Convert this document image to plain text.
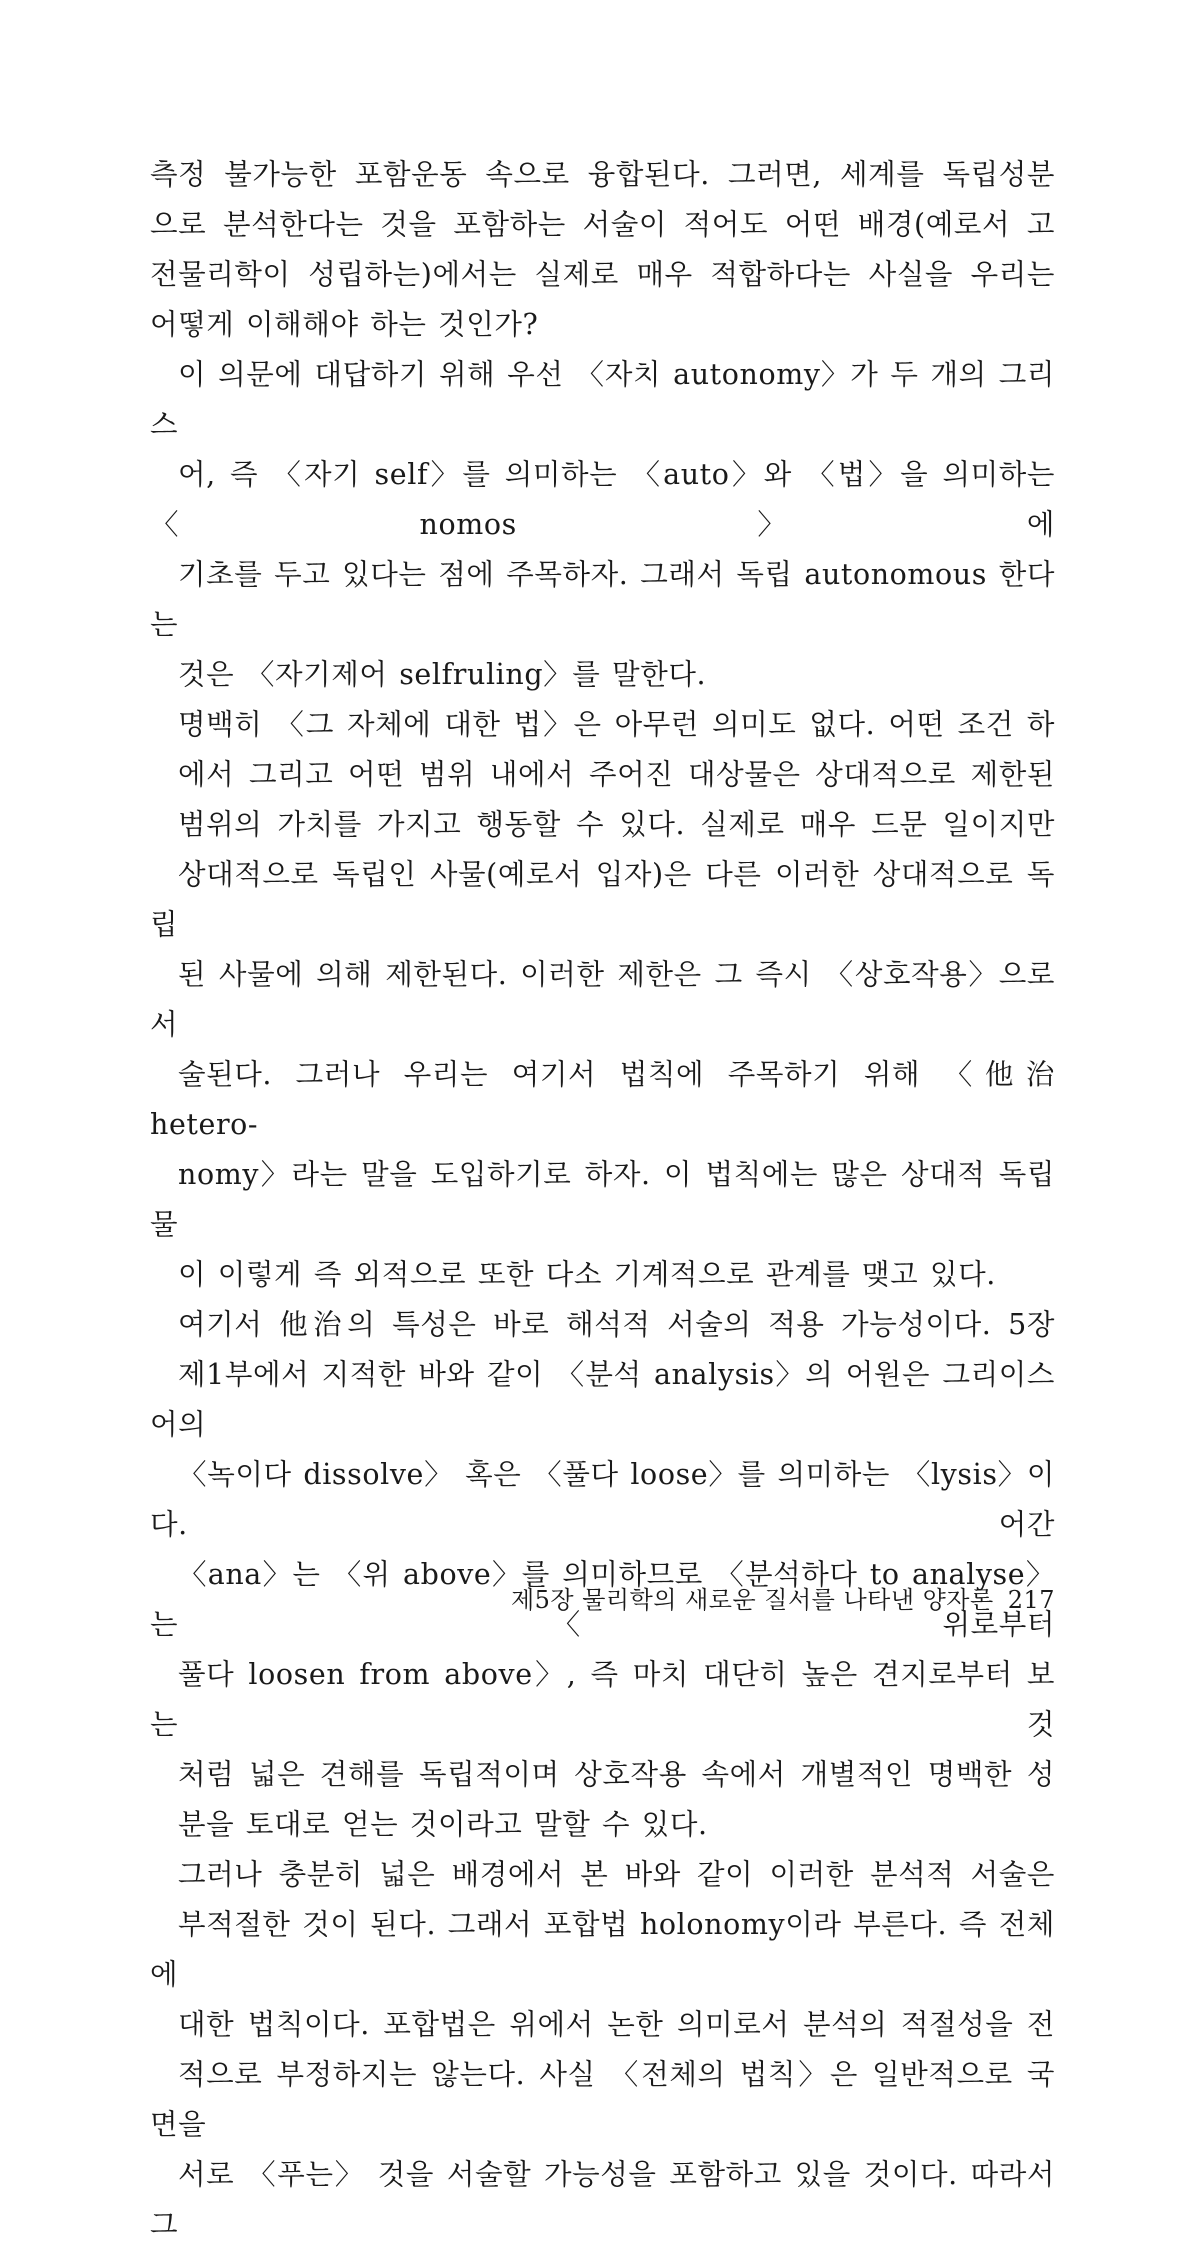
측정 불가능한 포함운동 속으로 융합된다. 그러면, 세계를 독립성분
으로 분석한다는 것을 포함하는 서술이 적어도 어떤 배경(예로서 고
전물리학이 성립하는)에서는 실제로 매우 적합하다는 사실을 우리는
어떻게 이해해야 하는 것인가?

이 의문에 대답하기 위해 우선 〈자치 autonomy〉가 두 개의 그리스
어, 즉 〈자기 self〉를 의미하는 〈auto〉와 〈법〉을 의미하는 〈nomos〉에
기초를 두고 있다는 점에 주목하자. 그래서 독립 autonomous 한다는
것은 〈자기제어 selfruling〉를 말한다.

명백히 〈그 자체에 대한 법〉은 아무런 의미도 없다. 어떤 조건 하
에서 그리고 어떤 범위 내에서 주어진 대상물은 상대적으로 제한된
범위의 가치를 가지고 행동할 수 있다. 실제로 매우 드문 일이지만
상대적으로 독립인 사물(예로서 입자)은 다른 이러한 상대적으로 독립
된 사물에 의해 제한된다. 이러한 제한은 그 즉시 〈상호작용〉으로 서
술된다. 그러나 우리는 여기서 법칙에 주목하기 위해 〈他治 hetero-
nomy〉라는 말을 도입하기로 하자. 이 법칙에는 많은 상대적 독립물
이 이렇게 즉 외적으로 또한 다소 기계적으로 관계를 맺고 있다.

여기서 他治의 특성은 바로 해석적 서술의 적용 가능성이다. 5장
제1부에서 지적한 바와 같이 〈분석 analysis〉의 어원은 그리이스어의
〈녹이다 dissolve〉 혹은 〈풀다 loose〉를 의미하는 〈lysis〉이다. 어간
〈ana〉는 〈위 above〉를 의미하므로 〈분석하다 to analyse〉는 〈위로부터
풀다 loosen from above〉, 즉 마치 대단히 높은 견지로부터 보는 것
처럼 넓은 견해를 독립적이며 상호작용 속에서 개별적인 명백한 성
분을 토대로 얻는 것이라고 말할 수 있다.

그러나 충분히 넓은 배경에서 본 바와 같이 이러한 분석적 서술은
부적절한 것이 된다. 그래서 포합법 holonomy이라 부른다. 즉 전체에
대한 법칙이다. 포합법은 위에서 논한 의미로서 분석의 적절성을 전
적으로 부정하지는 않는다. 사실 〈전체의 법칙〉은 일반적으로 국면을
서로 〈푸는〉 것을 서술할 가능성을 포함하고 있을 것이다. 따라서 그

제5장 물리학의 새로운 질서를 나타낸 양자론 217
